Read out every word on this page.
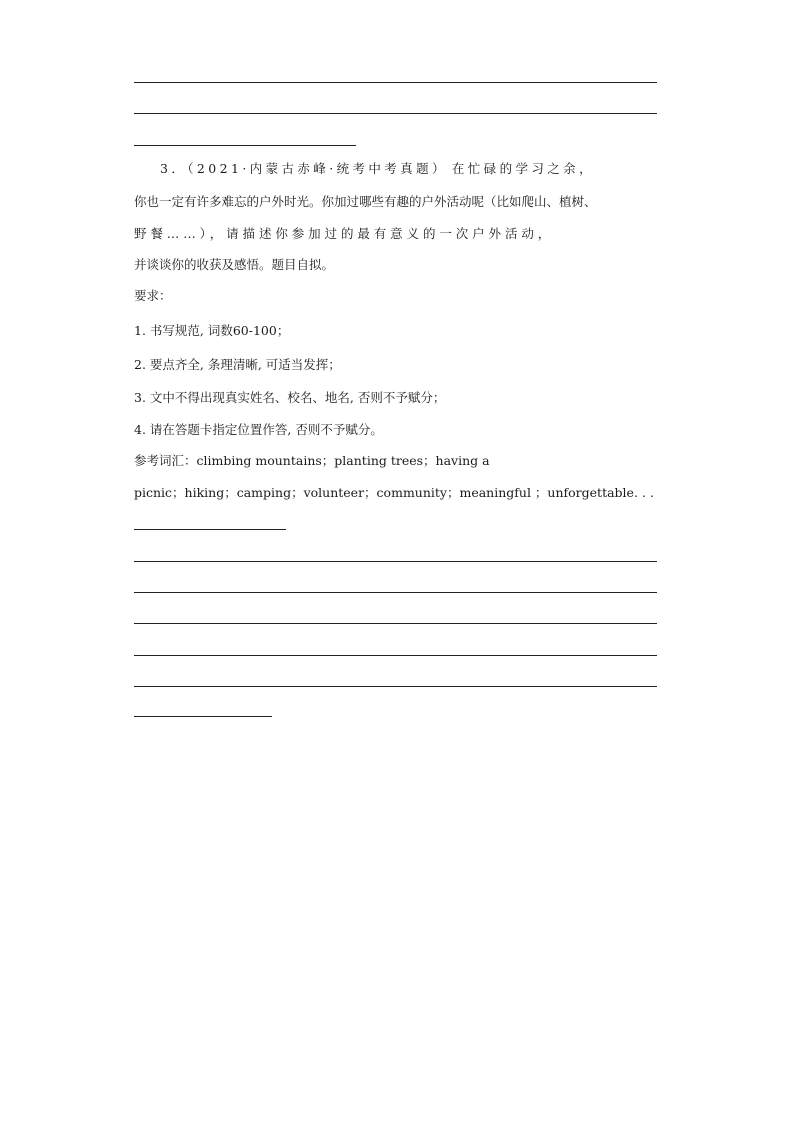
3．（2021·内蒙古赤峰·统考中考真题） 在忙碌的学习之余，
你也一定有许多难忘的户外时光。你加过哪些有趣的户外活动呢（比如爬山、植树、
野餐……），请描述你参加过的最有意义的一次户外活动，
并谈谈你的收获及感悟。题目自拟。
要求：
1. 书写规范, 词数60-100；
2. 要点齐全, 条理清晰, 可适当发挥；
3. 文中不得出现真实姓名、校名、地名, 否则不予赋分；
4. 请在答题卡指定位置作答, 否则不予赋分。
参考词汇：climbing mountains；planting trees；having a
picnic；hiking；camping；volunteer；community；meaningful ；unforgettable. . .
